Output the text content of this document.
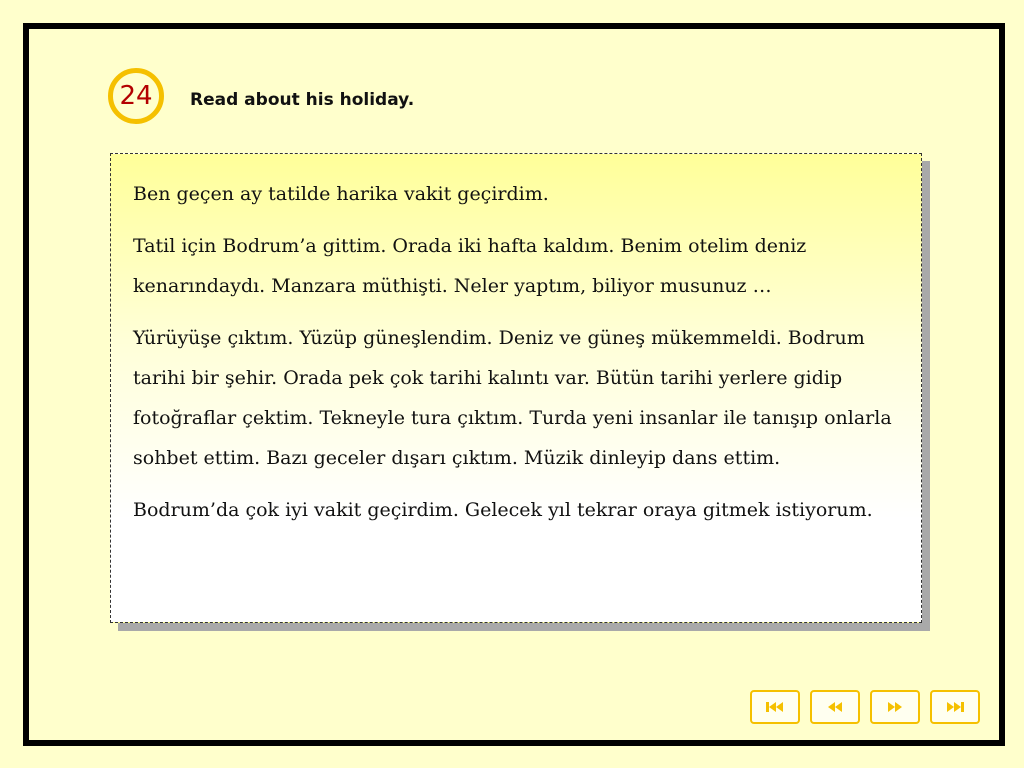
24 Read about his holiday.

Ben geçen ay tatilde harika vakit geçirdim.

Tatil için Bodrum’a gittim. Orada iki hafta kaldım. Benim otelim deniz kenarındaydı. Manzara müthişti. Neler yaptım, biliyor musunuz …

Yürüyüşe çıktım. Yüzüp güneşlendim. Deniz ve güneş mükemmeldi. Bodrum tarihi bir şehir. Orada pek çok tarihi kalıntı var. Bütün tarihi yerlere gidip fotoğraflar çektim. Tekneyle tura çıktım. Turda yeni insanlar ile tanışıp onlarla sohbet ettim. Bazı geceler dışarı çıktım. Müzik dinleyip dans ettim.

Bodrum’da çok iyi vakit geçirdim. Gelecek yıl tekrar oraya gitmek istiyorum.
